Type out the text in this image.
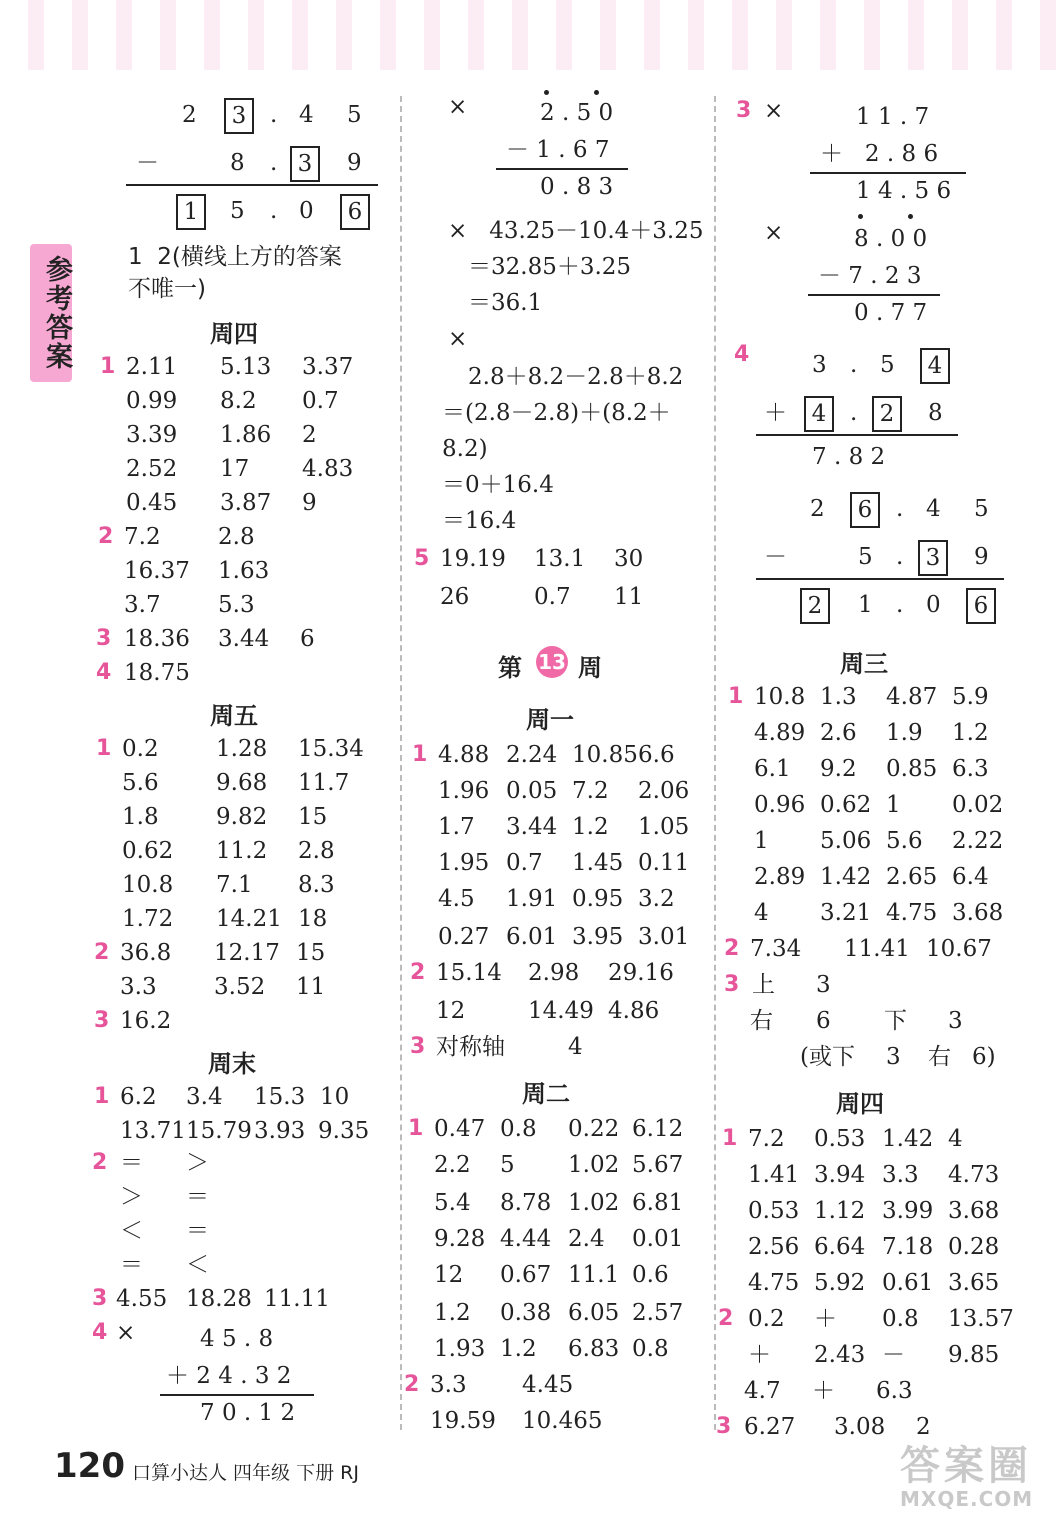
参考答案
2	3	. 4 5
－	8 . 3	9
1	5 . 0	6
1  2(横线上方的答案
不唯一)
周四
2.11 5.13 3.37
0.99 8.2 0.7
3.39 1.86 2
2.52 17 4.83
0.45 3.87 9
7.2 2.8
16.37 1.63
3.7 5.3
18.36 3.44 6
18.75
周五
0.2 1.28 15.34
5.6 9.68 11.7
1.8 9.82 15
0.62 11.2 2.8
10.8 7.1 8.3
1.72 14.21 18
36.8 12.17 15
3.3 3.52 11
16.2
周末
6.2 3.4 15.3 10
13.71 15.79 3.93 9.35
＝ ＞
＞ ＝
＜ ＝
＝ ＜
4.55 18.28 11.11
×	4 5 . 8
＋ 2 4 . 3 2
7 0 . 1 2
×	2 . 5 0
－ 1 . 6 7
0 . 8 3
×   43.25－10.4＋3.25
＝32.85＋3.25
＝36.1
×
2.8＋8.2－2.8＋8.2
＝(2.8－2.8)＋(8.2＋
8.2)
＝0＋16.4
＝16.4
19.19 13.1 30
26	0.7 11
第 13 周
周一
4.88 2.24 10.85 6.6
1.96 0.05 7.2 2.06
1.7 3.44 1.2 1.05
1.95 0.7 1.45 0.11
4.5 1.91 0.95 3.2
0.27 6.01 3.95 3.01
15.14 2.98 29.16
12	14.49 4.86
对称轴	4
周二
0.47 0.8 0.22 6.12
2.2 5 1.02 5.67
5.4 8.78 1.02 6.81
9.28 4.44 2.4 0.01
12 0.67 11.1 0.6
1.2 0.38 6.05 2.57
1.93 1.2 6.83 0.8
3.3 4.45
19.59 10.465
×	1 1 . 7
＋   2 . 8 6
1 4 . 5 6
×	8 . 0 0
－ 7 . 2 3
0 . 7 7
3 . 5	4
＋	4	. 2	8
7 . 8 2
2	6	. 4 5
－	5 . 3	9
2	1 . 0	6
周三
10.8 1.3 4.87 5.9
4.89 2.6 1.9 1.2
6.1 9.2 0.85 6.3
0.96 0.62 1 0.02
1 5.06 5.6 2.22
2.89 1.42 2.65 6.4
4 3.21 4.75 3.68
7.34 11.41 10.67
上 3
右 6 下 3
(或下 3 右 6)
周四
7.2 0.53 1.42 4
1.41 3.94 3.3 4.73
0.53 1.12 3.99 3.68
2.56 6.64 7.18 0.28
4.75 5.92 0.61 3.65
0.2 ＋ 0.8 13.57
＋ 2.43 － 9.85
4.7 ＋ 6.3
6.27 3.08 2
1
2
3
4
1
2
3
1
2
3
4
5
1
2
3
1
2
3
4
1
2
3
1
2
3
120 口算小达人 四年级 下册 RJ	答案圈
MXQE.COM
